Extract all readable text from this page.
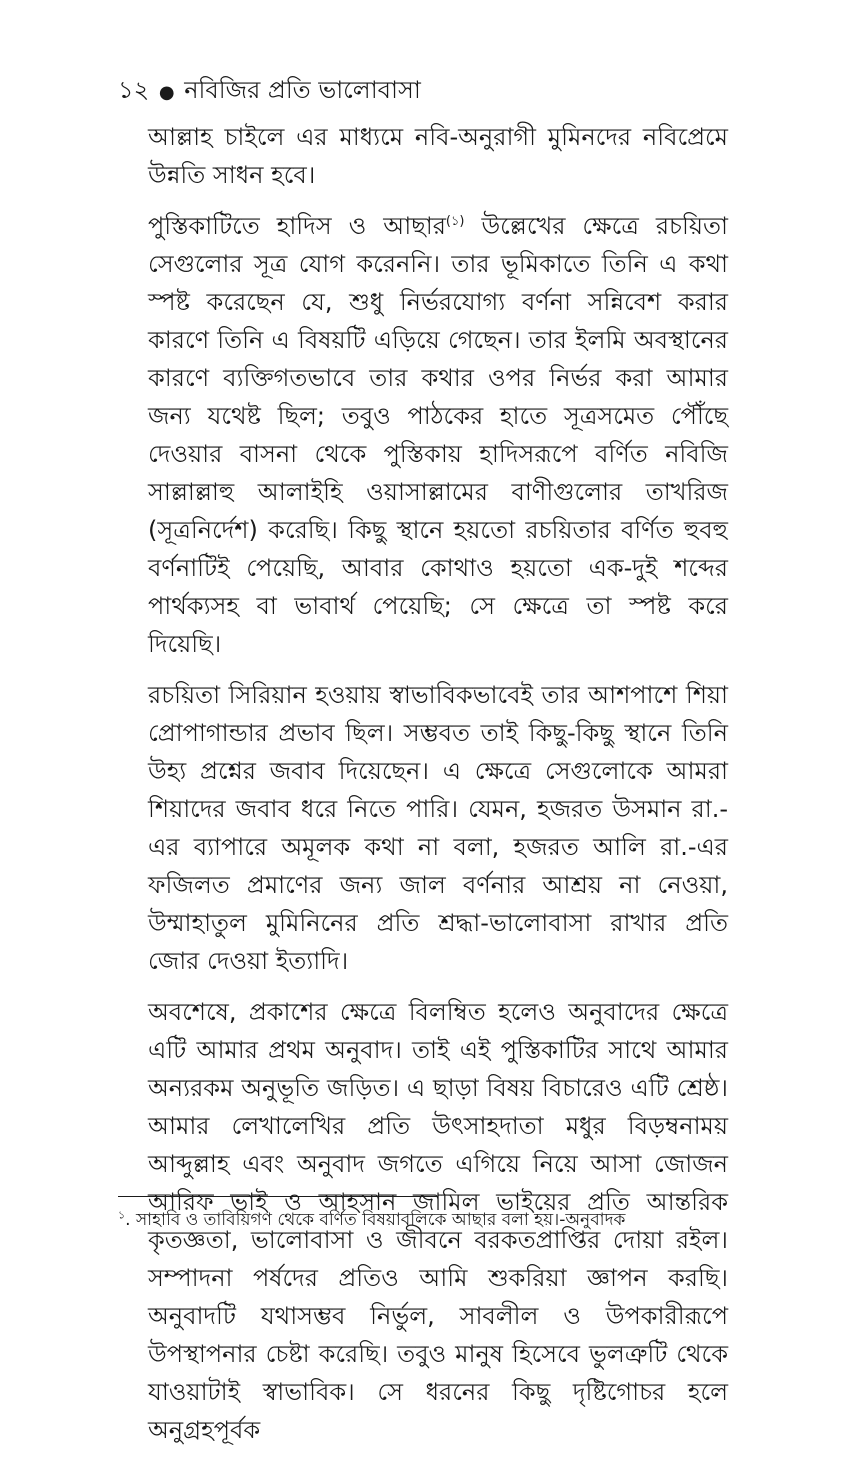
১২ ● নবিজির প্রতি ভালোবাসা

আল্লাহ চাইলে এর মাধ্যমে নবি-অনুরাগী মুমিনদের নবিপ্রেমে উন্নতি সাধন হবে।

পুস্তিকাটিতে হাদিস ও আছার$^{(১)}$ উল্লেখের ক্ষেত্রে রচয়িতা সেগুলোর সূত্র যোগ করেননি। তার ভূমিকাতে তিনি এ কথা স্পষ্ট করেছেন যে, শুধু নির্ভরযোগ্য বর্ণনা সন্নিবেশ করার কারণে তিনি এ বিষয়টি এড়িয়ে গেছেন। তার ইলমি অবস্থানের কারণে ব্যক্তিগতভাবে তার কথার ওপর নির্ভর করা আমার জন্য যথেষ্ট ছিল; তবুও পাঠকের হাতে সূত্রসমেত পৌঁছে দেওয়ার বাসনা থেকে পুস্তিকায় হাদিসরূপে বর্ণিত নবিজি সাল্লাল্লাহু আলাইহি ওয়াসাল্লামের বাণীগুলোর তাখরিজ (সূত্রনির্দেশ) করেছি। কিছু স্থানে হয়তো রচয়িতার বর্ণিত হুবহু বর্ণনাটিই পেয়েছি, আবার কোথাও হয়তো এক-দুই শব্দের পার্থক্যসহ বা ভাবার্থ পেয়েছি; সে ক্ষেত্রে তা স্পষ্ট করে দিয়েছি।

রচয়িতা সিরিয়ান হওয়ায় স্বাভাবিকভাবেই তার আশপাশে শিয়া প্রোপাগান্ডার প্রভাব ছিল। সম্ভবত তাই কিছু-কিছু স্থানে তিনি উহ্য প্রশ্নের জবাব দিয়েছেন। এ ক্ষেত্রে সেগুলোকে আমরা শিয়াদের জবাব ধরে নিতে পারি। যেমন, হজরত উসমান রা.-এর ব্যাপারে অমূলক কথা না বলা, হজরত আলি রা.-এর ফজিলত প্রমাণের জন্য জাল বর্ণনার আশ্রয় না নেওয়া, উম্মাহাতুল মুমিনিনের প্রতি শ্রদ্ধা-ভালোবাসা রাখার প্রতি জোর দেওয়া ইত্যাদি।

অবশেষে, প্রকাশের ক্ষেত্রে বিলম্বিত হলেও অনুবাদের ক্ষেত্রে এটি আমার প্রথম অনুবাদ। তাই এই পুস্তিকাটির সাথে আমার অন্যরকম অনুভূতি জড়িত। এ ছাড়া বিষয় বিচারেও এটি শ্রেষ্ঠ। আমার লেখালেখির প্রতি উৎসাহদাতা মধুর বিড়ম্বনাময় আব্দুল্লাহ এবং অনুবাদ জগতে এগিয়ে নিয়ে আসা জোজন আরিফ ভাই ও আহসান জামিল ভাইয়ের প্রতি আন্তরিক কৃতজ্ঞতা, ভালোবাসা ও জীবনে বরকতপ্রাপ্তির দোয়া রইল। সম্পাদনা পর্ষদের প্রতিও আমি শুকরিয়া জ্ঞাপন করছি। অনুবাদটি যথাসম্ভব নির্ভুল, সাবলীল ও উপকারীরূপে উপস্থাপনার চেষ্টা করেছি। তবুও মানুষ হিসেবে ভুলত্রুটি থেকে যাওয়াটাই স্বাভাবিক। সে ধরনের কিছু দৃষ্টিগোচর হলে অনুগ্রহপূর্বক

$^১$. সাহাবি ও তাবিয়িগণ থেকে বর্ণিত বিষয়াবলিকে আছার বলা হয়।-অনুবাদক
